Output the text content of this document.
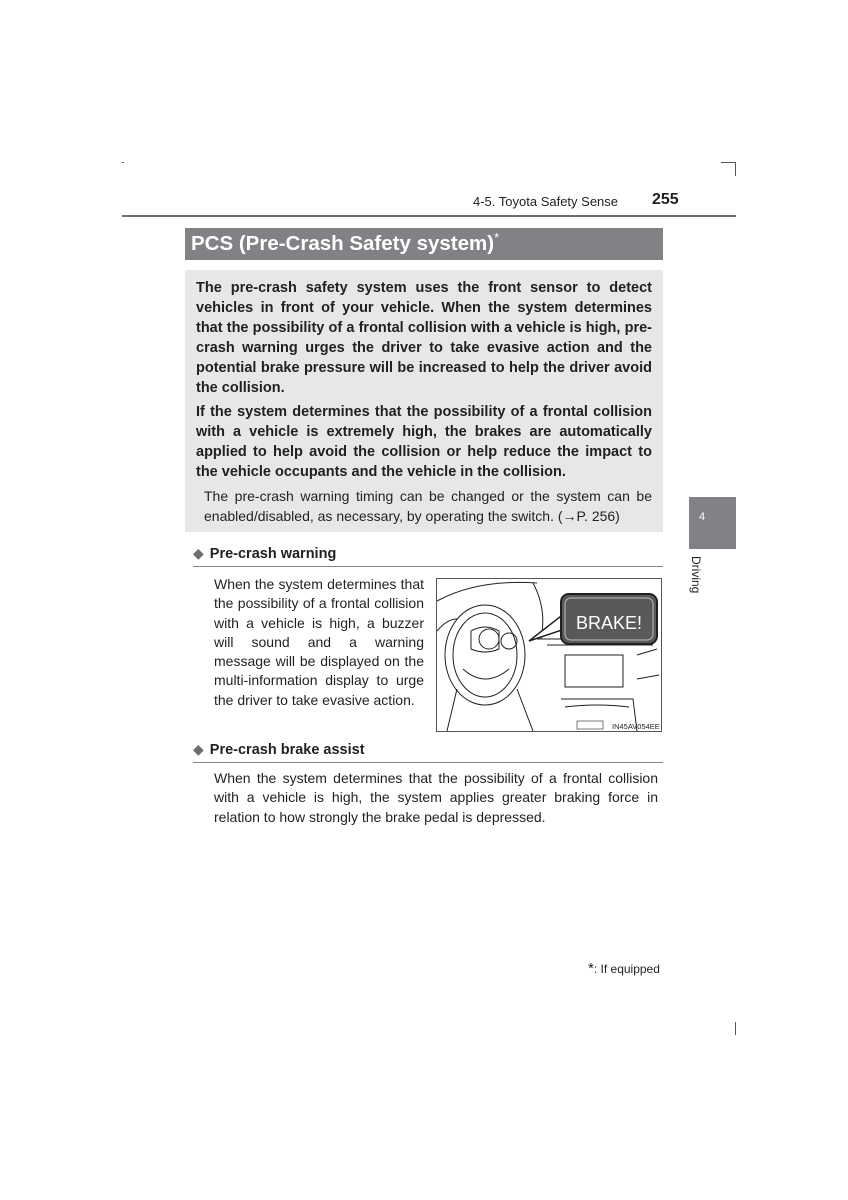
4-5. Toyota Safety Sense 255
PCS (Pre-Crash Safety system)*

The pre-crash safety system uses the front sensor to detect vehicles in front of your vehicle. When the system determines that the possibility of a frontal collision with a vehicle is high, pre-crash warning urges the driver to take evasive action and the potential brake pressure will be increased to help the driver avoid the collision.

If the system determines that the possibility of a frontal collision with a vehicle is extremely high, the brakes are automatically applied to help avoid the collision or help reduce the impact to the vehicle occupants and the vehicle in the collision.

The pre-crash warning timing can be changed or the system can be enabled/disabled, as necessary, by operating the switch. (→P. 256)	4
Driving
◆ Pre-crash warning
When the system determines that the possibility of a frontal collision with a vehicle is high, a buzzer will sound and a warning message will be displayed on the multi-information display to urge the driver to take evasive action.
BRAKE!
IN45AV054EE
◆ Pre-crash brake assist
When the system determines that the possibility of a frontal collision with a vehicle is high, the system applies greater braking force in relation to how strongly the brake pedal is depressed.
*: If equipped
